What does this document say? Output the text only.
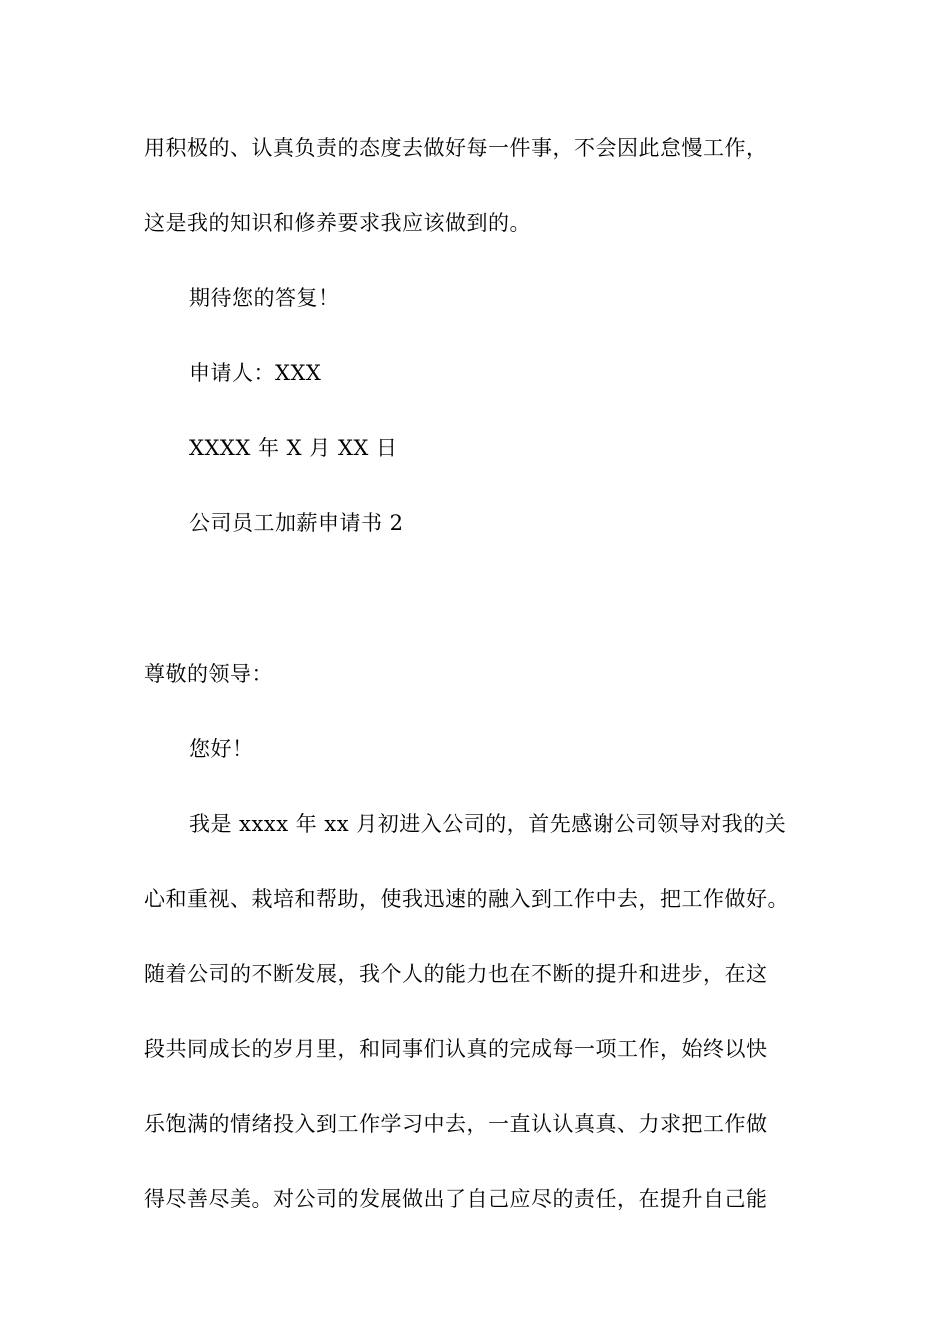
用积极的、认真负责的态度去做好每一件事，不会因此怠慢工作，
这是我的知识和修养要求我应该做到的。
期待您的答复！
申请人：XXX
XXXX 年 X 月 XX 日
公司员工加薪申请书 2
尊敬的领导：
您好！
我是 xxxx 年 xx 月初进入公司的，首先感谢公司领导对我的关
心和重视、栽培和帮助，使我迅速的融入到工作中去，把工作做好。
随着公司的不断发展，我个人的能力也在不断的提升和进步，在这
段共同成长的岁月里，和同事们认真的完成每一项工作，始终以快
乐饱满的情绪投入到工作学习中去，一直认认真真、力求把工作做
得尽善尽美。对公司的发展做出了自己应尽的责任，在提升自己能
